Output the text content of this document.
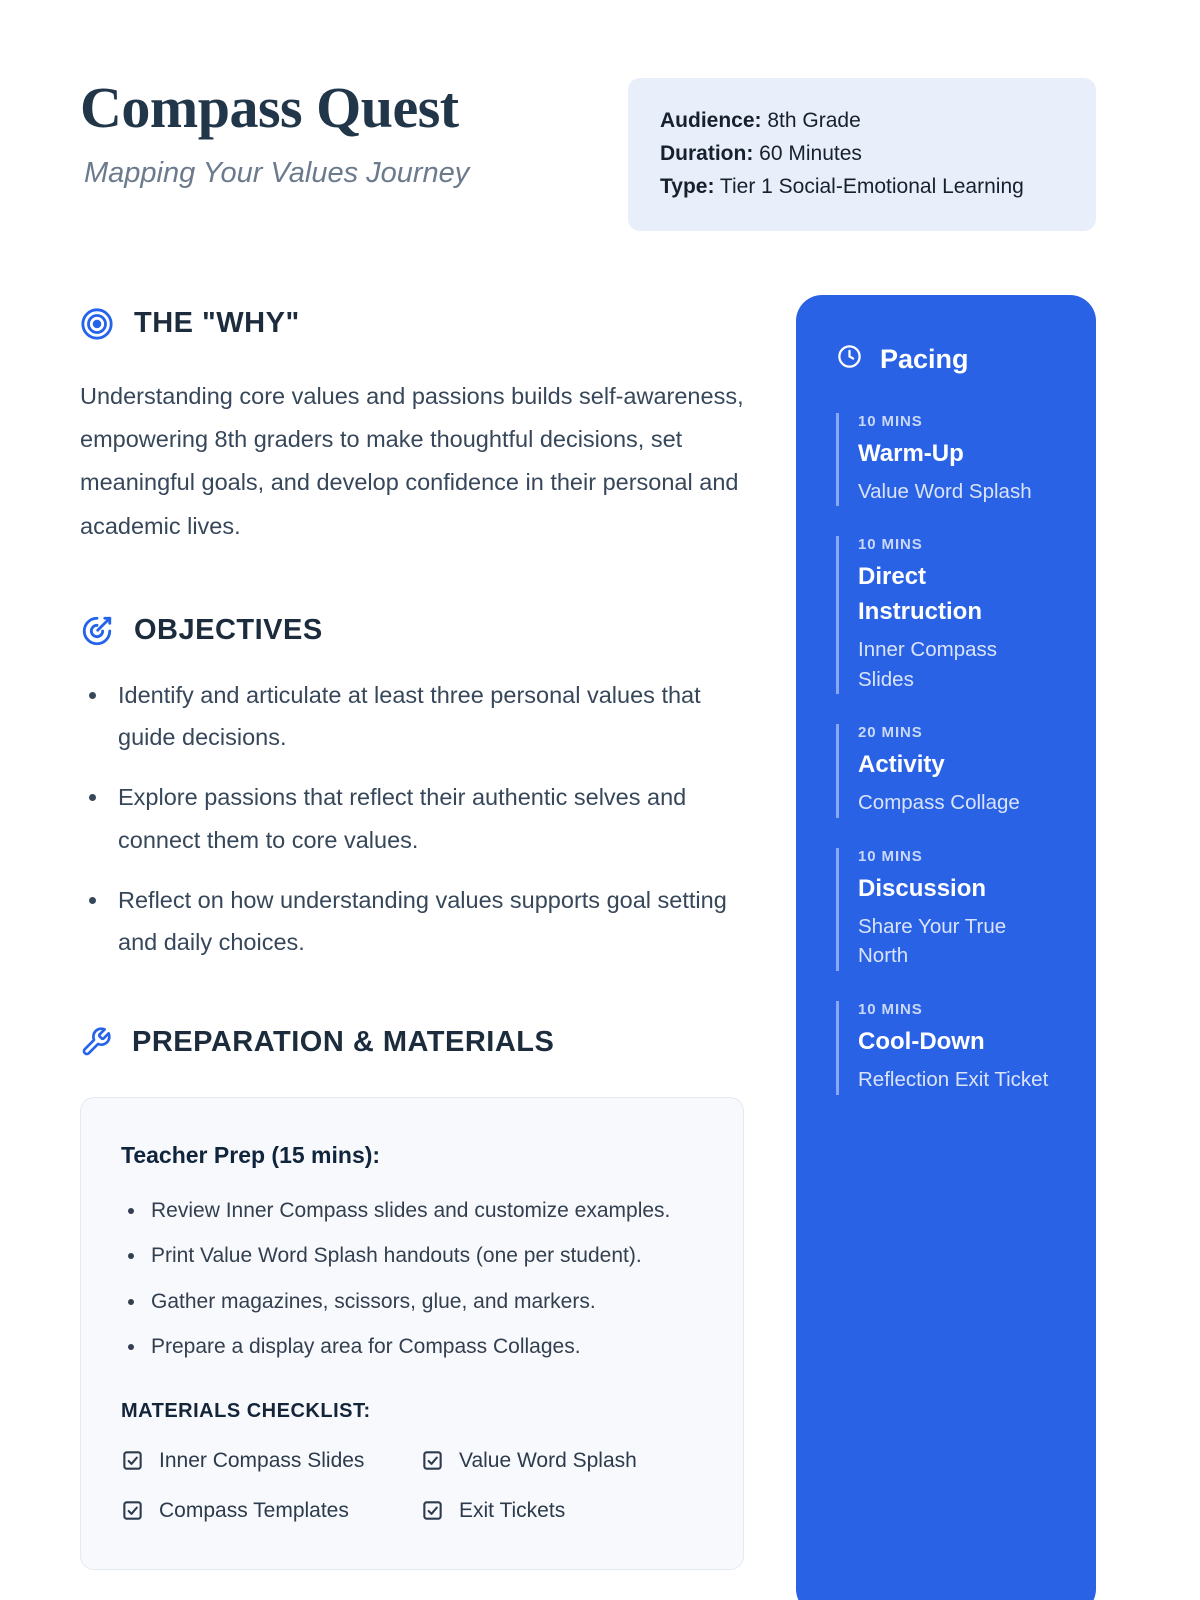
Compass Quest

Mapping Your Values Journey

Audience: 8th Grade
Duration: 60 Minutes
Type: Tier 1 Social-Emotional Learning
THE "WHY"

Understanding core values and passions builds self-awareness, empowering 8th graders to make thoughtful decisions, set meaningful goals, and develop confidence in their personal and academic lives.

OBJECTIVES
• Identify and articulate at least three personal values that guide decisions.
• Explore passions that reflect their authentic selves and connect them to core values.
• Reflect on how understanding values supports goal setting and daily choices.
PREPARATION & MATERIALS
Teacher Prep (15 mins):
• Review Inner Compass slides and customize examples.
• Print Value Word Splash handouts (one per student).
• Gather magazines, scissors, glue, and markers.
• Prepare a display area for Compass Collages.
MATERIALS CHECKLIST:
Inner Compass Slides	Value Word Splash
Compass Templates	Exit Tickets
Pacing
10 MINS
Warm-Up
Value Word Splash
10 MINS
Direct Instruction
Inner Compass Slides
20 MINS
Activity
Compass Collage
10 MINS
Discussion
Share Your True North
10 MINS
Cool-Down
Reflection Exit Ticket
